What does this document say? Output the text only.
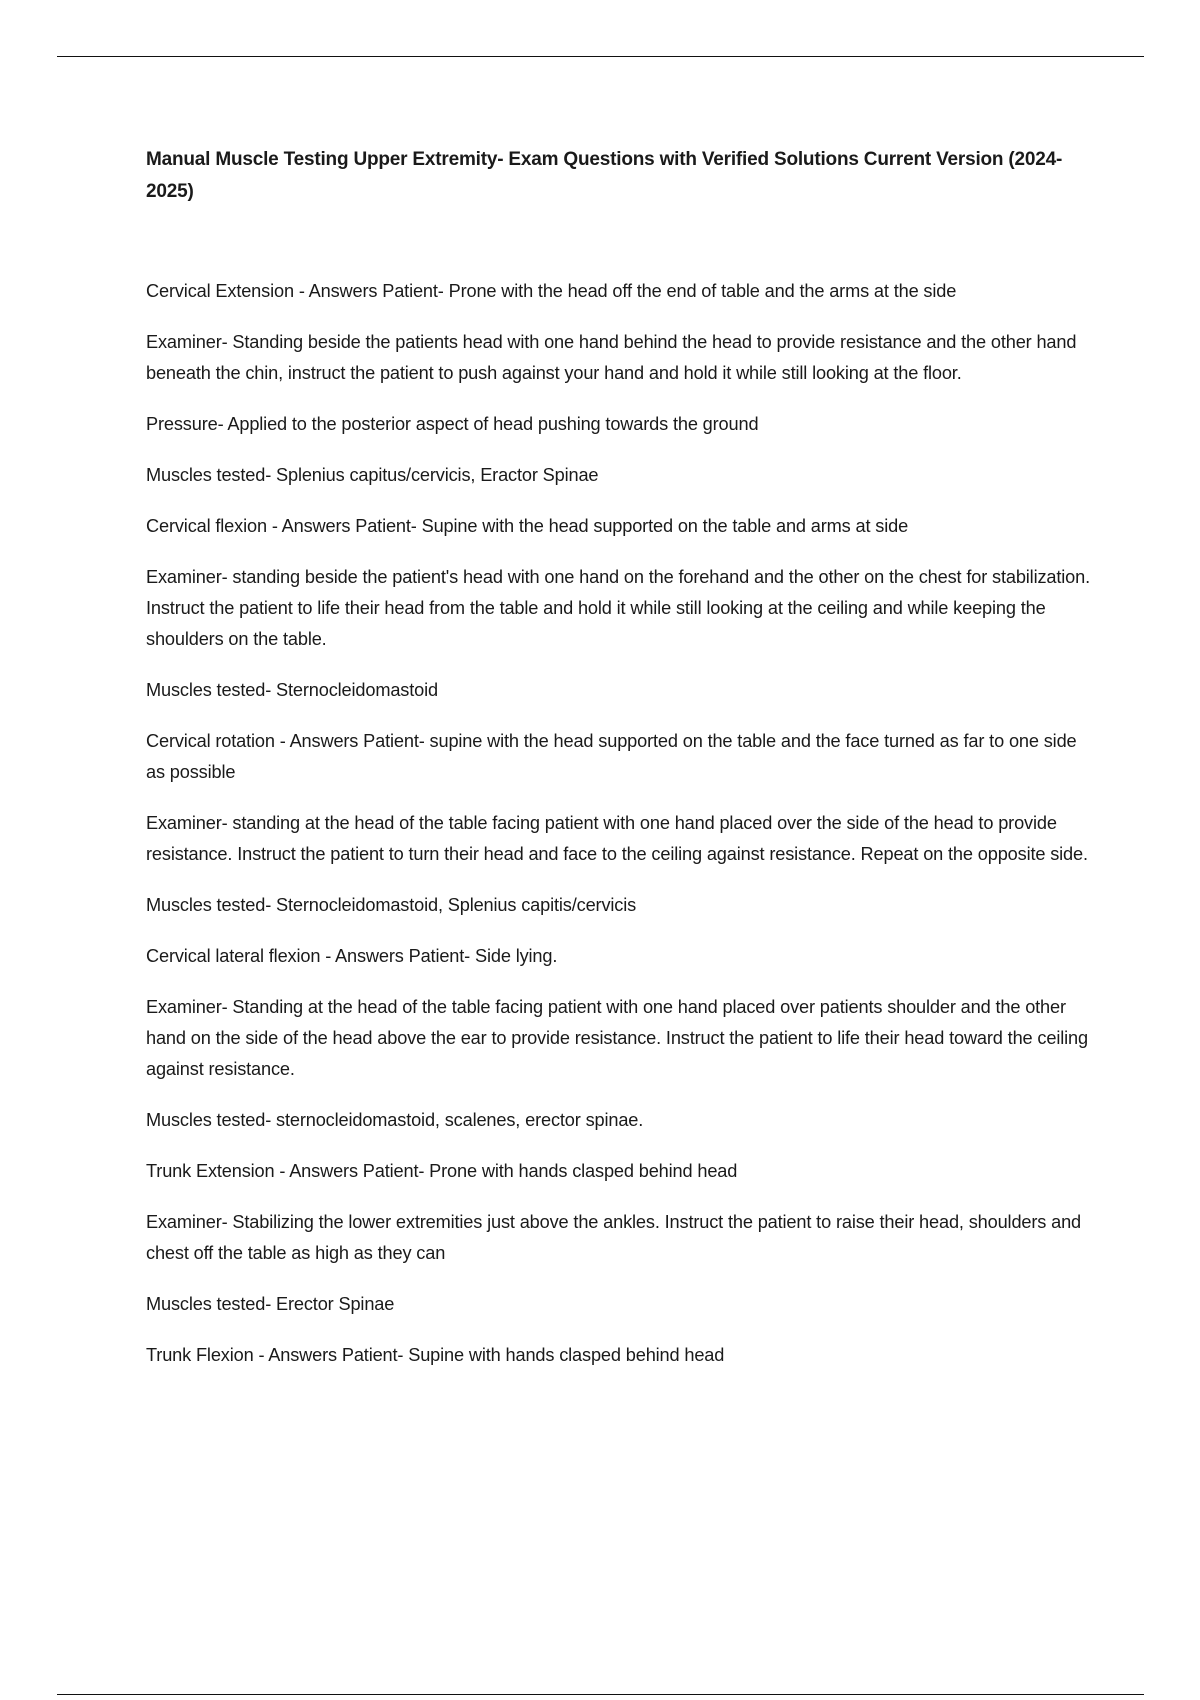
Manual Muscle Testing Upper Extremity- Exam Questions with Verified Solutions Current Version (2024-2025)

Cervical Extension - Answers Patient- Prone with the head off the end of table and the arms at the side

Examiner- Standing beside the patients head with one hand behind the head to provide resistance and the other hand beneath the chin, instruct the patient to push against your hand and hold it while still looking at the floor.

Pressure- Applied to the posterior aspect of head pushing towards the ground

Muscles tested- Splenius capitus/cervicis, Eractor Spinae

Cervical flexion - Answers Patient- Supine with the head supported on the table and arms at side

Examiner- standing beside the patient's head with one hand on the forehand and the other on the chest for stabilization. Instruct the patient to life their head from the table and hold it while still looking at the ceiling and while keeping the shoulders on the table.

Muscles tested- Sternocleidomastoid

Cervical rotation - Answers Patient- supine with the head supported on the table and the face turned as far to one side as possible

Examiner- standing at the head of the table facing patient with one hand placed over the side of the head to provide resistance. Instruct the patient to turn their head and face to the ceiling against resistance. Repeat on the opposite side.

Muscles tested- Sternocleidomastoid, Splenius capitis/cervicis

Cervical lateral flexion - Answers Patient- Side lying.

Examiner- Standing at the head of the table facing patient with one hand placed over patients shoulder and the other hand on the side of the head above the ear to provide resistance. Instruct the patient to life their head toward the ceiling against resistance.

Muscles tested- sternocleidomastoid, scalenes, erector spinae.

Trunk Extension - Answers Patient- Prone with hands clasped behind head

Examiner- Stabilizing the lower extremities just above the ankles. Instruct the patient to raise their head, shoulders and chest off the table as high as they can

Muscles tested- Erector Spinae

Trunk Flexion - Answers Patient- Supine with hands clasped behind head
